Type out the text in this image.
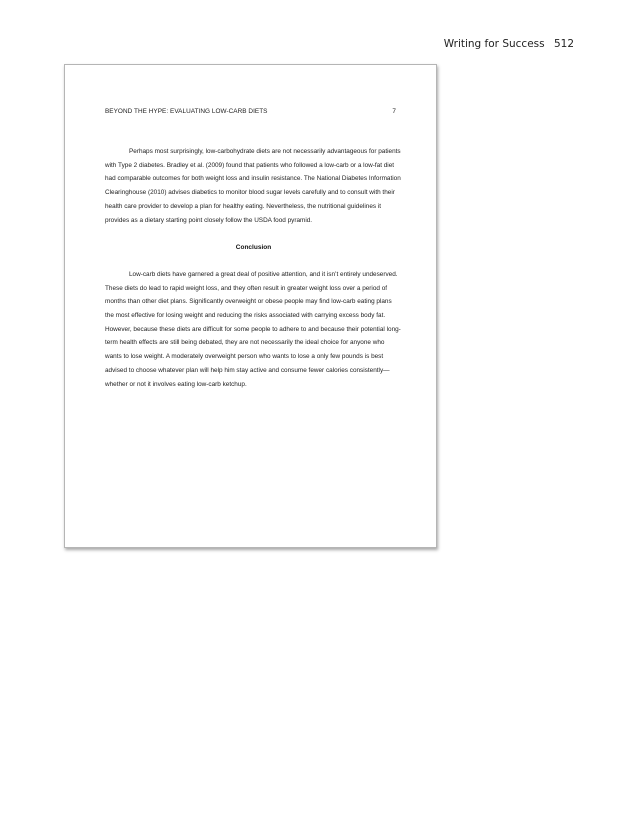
Writing for Success 512
BEYOND THE HYPE: EVALUATING LOW-CARB DIETS	7

Perhaps most surprisingly, low-carbohydrate diets are not necessarily advantageous for patients with Type 2 diabetes. Bradley et al. (2009) found that patients who followed a low-carb or a low-fat diet had comparable outcomes for both weight loss and insulin resistance. The National Diabetes Information Clearinghouse (2010) advises diabetics to monitor blood sugar levels carefully and to consult with their health care provider to develop a plan for healthy eating. Nevertheless, the nutritional guidelines it provides as a dietary starting point closely follow the USDA food pyramid.

Conclusion

Low-carb diets have garnered a great deal of positive attention, and it isn’t entirely undeserved. These diets do lead to rapid weight loss, and they often result in greater weight loss over a period of months than other diet plans. Significantly overweight or obese people may find low-carb eating plans the most effective for losing weight and reducing the risks associated with carrying excess body fat. However, because these diets are difficult for some people to adhere to and because their potential long-term health effects are still being debated, they are not necessarily the ideal choice for anyone who wants to lose weight. A moderately overweight person who wants to lose a only few pounds is best advised to choose whatever plan will help him stay active and consume fewer calories consistently—whether or not it involves eating low-carb ketchup.
